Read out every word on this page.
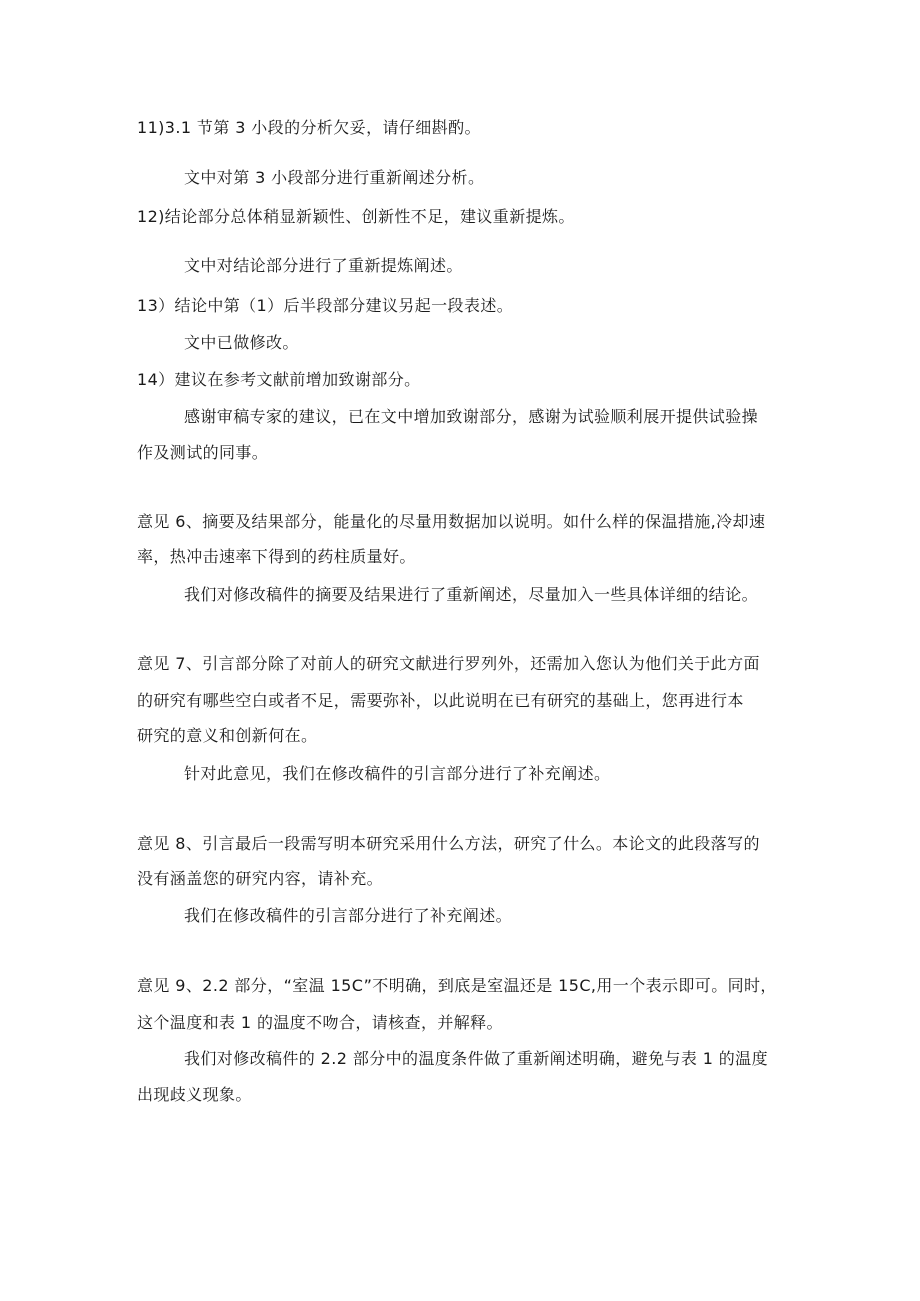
11)3.1 节第 3 小段的分析欠妥，请仔细斟酌。
文中对第 3 小段部分进行重新阐述分析。
12)结论部分总体稍显新颖性、创新性不足，建议重新提炼。
文中对结论部分进行了重新提炼阐述。
13）结论中第（1）后半段部分建议另起一段表述。
文中已做修改。
14）建议在参考文献前增加致谢部分。
感谢审稿专家的建议，已在文中增加致谢部分，感谢为试验顺利展开提供试验操
作及测试的同事。
意见 6、摘要及结果部分，能量化的尽量用数据加以说明。如什么样的保温措施,冷却速
率，热冲击速率下得到的药柱质量好。
我们对修改稿件的摘要及结果进行了重新阐述，尽量加入一些具体详细的结论。
意见 7、引言部分除了对前人的研究文献进行罗列外，还需加入您认为他们关于此方面
的研究有哪些空白或者不足，需要弥补，以此说明在已有研究的基础上，您再进行本
研究的意义和创新何在。
针对此意见，我们在修改稿件的引言部分进行了补充阐述。
意见 8、引言最后一段需写明本研究采用什么方法，研究了什么。本论文的此段落写的
没有涵盖您的研究内容，请补充。
我们在修改稿件的引言部分进行了补充阐述。
意见 9、2.2 部分，“室温 15C”不明确，到底是室温还是 15C,用一个表示即可。同时，
这个温度和表 1 的温度不吻合，请核查，并解释。
我们对修改稿件的 2.2 部分中的温度条件做了重新阐述明确，避免与表 1 的温度
出现歧义现象。
